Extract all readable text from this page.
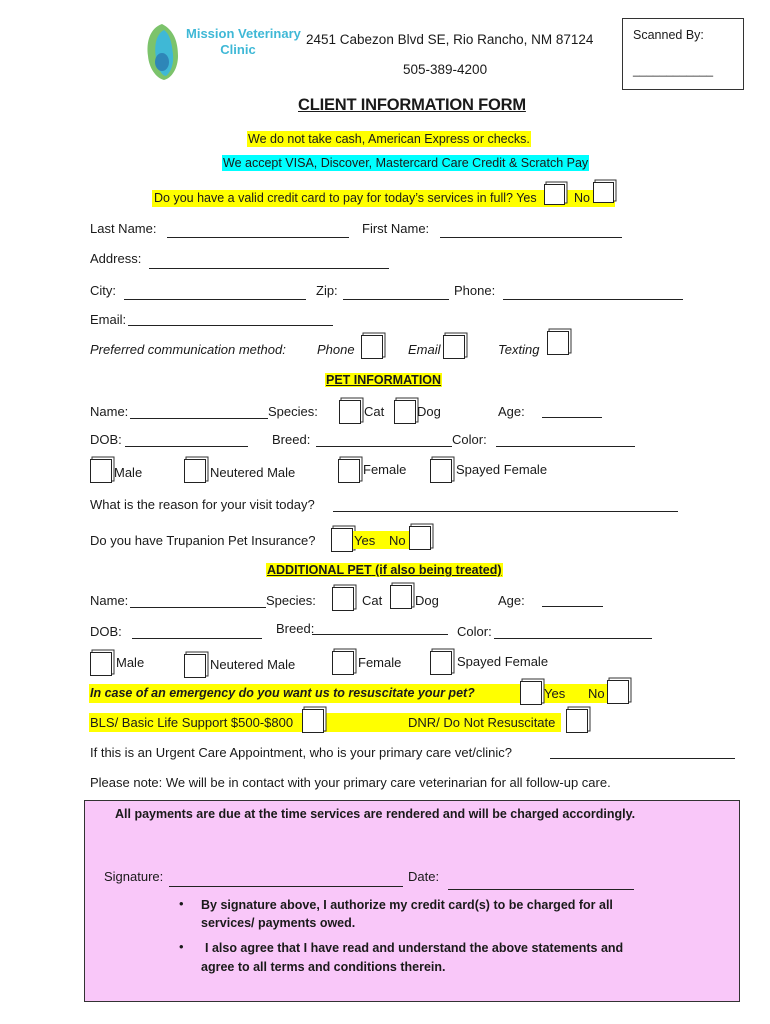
Mission Veterinary
Clinic
2451 Cabezon Blvd SE, Rio Rancho, NM 87124
505-389-4200
Scanned By:
____________
CLIENT INFORMATION FORM
We do not take cash, American Express or checks.
We accept VISA, Discover, Mastercard Care Credit & Scratch Pay
Do you have a valid credit card to pay for today’s services in full? Yes	No
Last Name:	First Name:
Address:
City:	Zip:	Phone:
Email:
Preferred communication method: Phone	Email	Texting
PET INFORMATION
Name:	Species:	Cat	Dog	Age:
DOB:	Breed:	Color:
Male	Neutered Male	Female	Spayed Female
What is the reason for your visit today?
Do you have Trupanion Pet Insurance?	Yes No
ADDITIONAL PET (if also being treated)
Name:	Species:	Cat	Dog	Age:
DOB:	Breed:	Color:
Male	Neutered Male	Female	Spayed Female
In case of an emergency do you want us to resuscitate your pet?	Yes No
BLS/ Basic Life Support $500-$800	DNR/ Do Not Resuscitate
If this is an Urgent Care Appointment, who is your primary care vet/clinic?
Please note: We will be in contact with your primary care veterinarian for all follow-up care.
All payments are due at the time services are rendered and will be charged accordingly.
Signature:	Date:
• By signature above, I authorize my credit card(s) to be charged for all
services/ payments owed.
• I also agree that I have read and understand the above statements and
agree to all terms and conditions therein.
